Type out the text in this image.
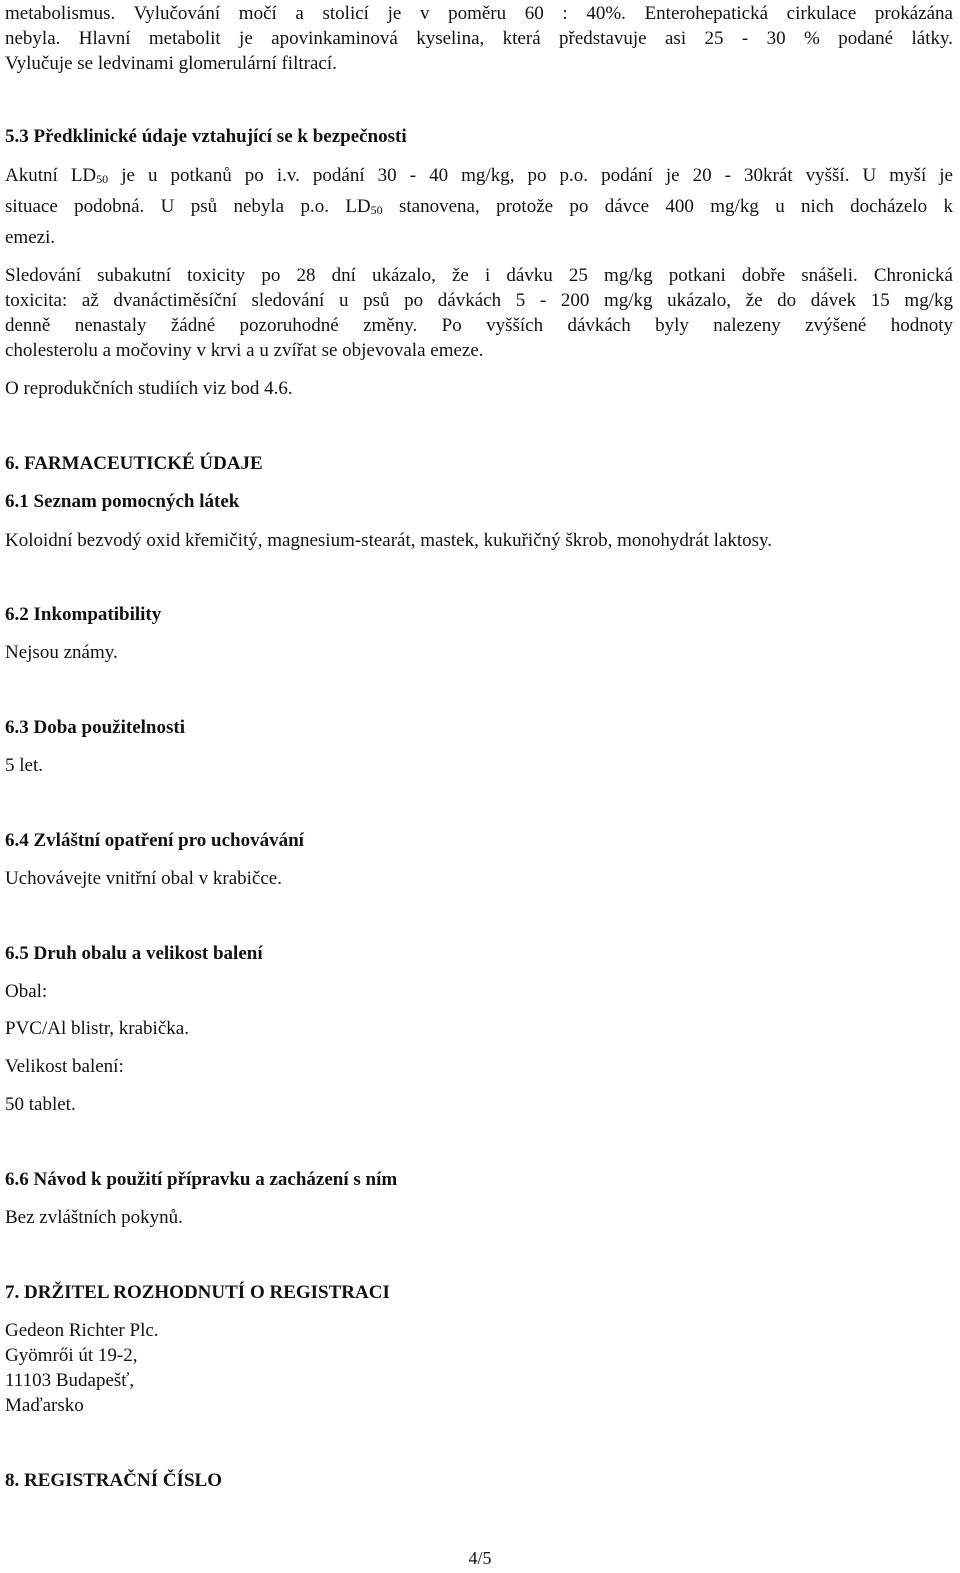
metabolismus. Vylučování močí a stolicí je v poměru 60 : 40%. Enterohepatická cirkulace prokázána
nebyla. Hlavní metabolit je apovinkaminová kyselina, která představuje asi 25 - 30 % podané látky.
Vylučuje se ledvinami glomerulární filtrací.
5.3 Předklinické údaje vztahující se k bezpečnosti
Akutní $LD_{50}$ je u potkanů po i.v. podání 30 - 40 mg/kg, po p.o. podání je 20 - 30krát vyšší. U myší je
situace podobná. U psů nebyla p.o. $LD_{50}$ stanovena, protože po dávce 400 mg/kg u nich docházelo k
emezi.
Sledování subakutní toxicity po 28 dní ukázalo, že i dávku 25 mg/kg potkani dobře snášeli. Chronická
toxicita: až dvanáctiměsíční sledování u psů po dávkách 5 - 200 mg/kg ukázalo, že do dávek 15 mg/kg
denně nenastaly žádné pozoruhodné změny. Po vyšších dávkách byly nalezeny zvýšené hodnoty
cholesterolu a močoviny v krvi a u zvířat se objevovala emeze.
O reprodukčních studiích viz bod 4.6.
6. FARMACEUTICKÉ ÚDAJE
6.1 Seznam pomocných látek
Koloidní bezvodý oxid křemičitý, magnesium-stearát, mastek, kukuřičný škrob, monohydrát laktosy.
6.2 Inkompatibility
Nejsou známy.
6.3 Doba použitelnosti
5 let.
6.4 Zvláštní opatření pro uchovávání
Uchovávejte vnitřní obal v krabičce.
6.5 Druh obalu a velikost balení
Obal:
PVC/Al blistr, krabička.
Velikost balení:
50 tablet.
6.6 Návod k použití přípravku a zacházení s ním
Bez zvláštních pokynů.
7. DRŽITEL ROZHODNUTÍ O REGISTRACI
Gedeon Richter Plc.
Gyömrői út 19-2,
11103 Budapešť,
Maďarsko
8. REGISTRAČNÍ ČÍSLO
4/5
